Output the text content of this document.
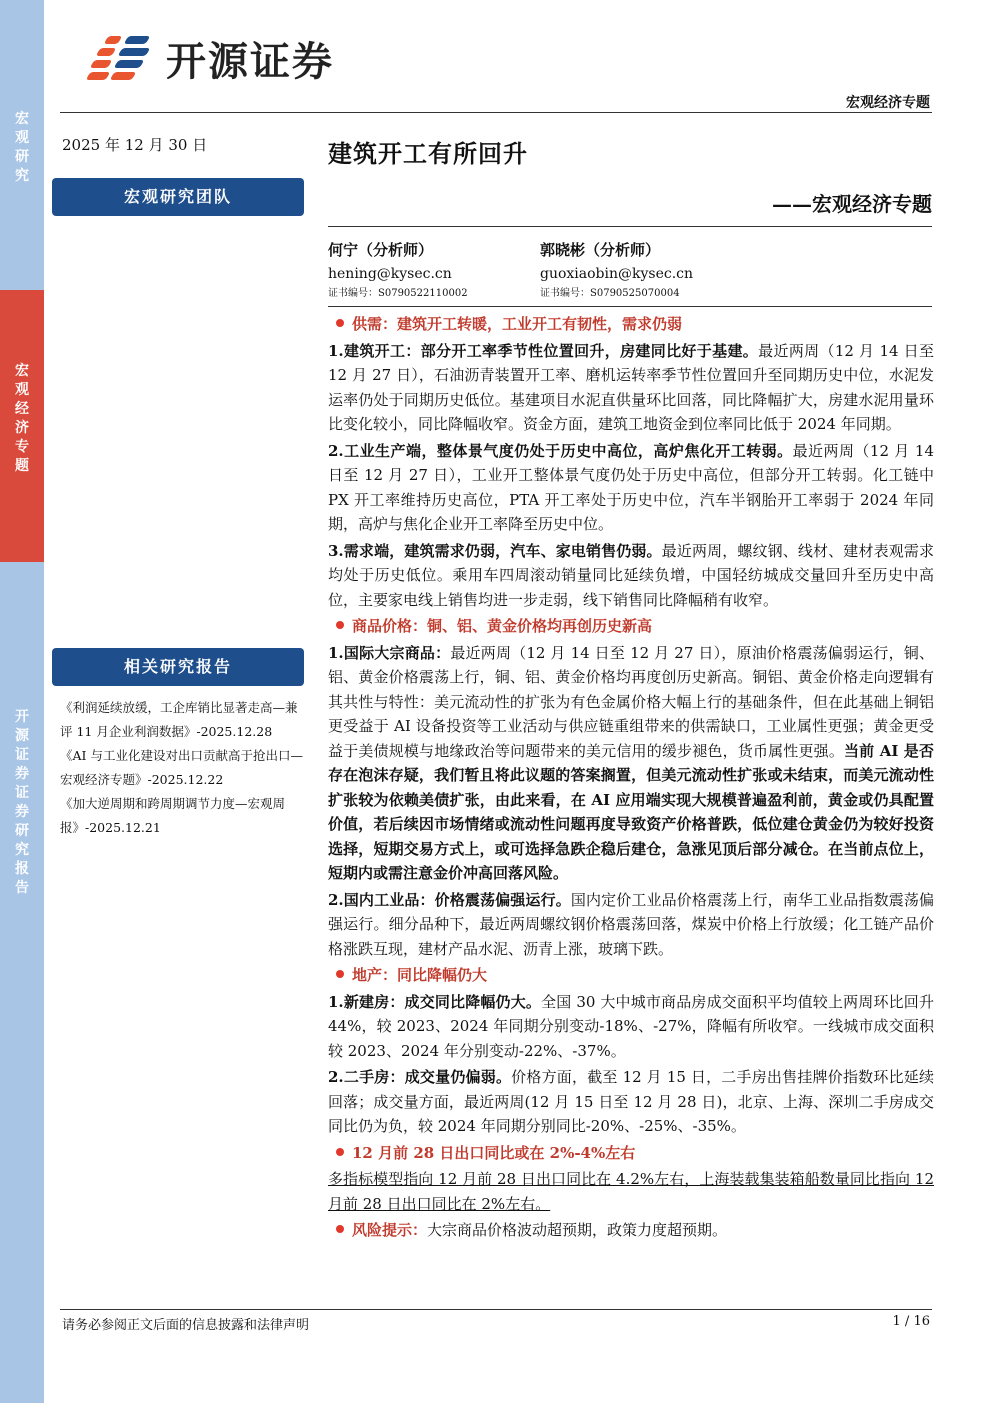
宏观研究
宏观经济专题
开源证券 证券研究报告
开源证券
宏观经济专题
2025 年 12 月 30 日
宏观研究团队
相关研究报告

《利润延续放缓，工企库销比显著走高—兼评 11 月企业利润数据》-2025.12.28

《AI 与工业化建设对出口贡献高于抢出口—宏观经济专题》-2025.12.22

《加大逆周期和跨周期调节力度—宏观周报》-2025.12.21

建筑开工有所回升
——宏观经济专题
何宁（分析师）
hening@kysec.cn
证书编号：S0790522110002
郭晓彬（分析师）
guoxiaobin@kysec.cn
证书编号：S0790525070004

供需：建筑开工转暖，工业开工有韧性，需求仍弱

1.建筑开工：部分开工率季节性位置回升，房建同比好于基建。最近两周（12 月 14 日至 12 月 27 日），石油沥青装置开工率、磨机运转率季节性位置回升至同期历史中位，水泥发运率仍处于同期历史低位。基建项目水泥直供量环比回落，同比降幅扩大，房建水泥用量环比变化较小，同比降幅收窄。资金方面，建筑工地资金到位率同比低于 2024 年同期。

2.工业生产端，整体景气度仍处于历史中高位，高炉焦化开工转弱。最近两周（12 月 14 日至 12 月 27 日），工业开工整体景气度仍处于历史中高位，但部分开工转弱。化工链中 PX 开工率维持历史高位，PTA 开工率处于历史中位，汽车半钢胎开工率弱于 2024 年同期，高炉与焦化企业开工率降至历史中位。

3.需求端，建筑需求仍弱，汽车、家电销售仍弱。最近两周，螺纹钢、线材、建材表观需求均处于历史低位。乘用车四周滚动销量同比延续负增，中国轻纺城成交量回升至历史中高位，主要家电线上销售均进一步走弱，线下销售同比降幅稍有收窄。

商品价格：铜、铝、黄金价格均再创历史新高

1.国际大宗商品：最近两周（12 月 14 日至 12 月 27 日），原油价格震荡偏弱运行，铜、铝、黄金价格震荡上行，铜、铝、黄金价格均再度创历史新高。铜铝、黄金价格走向逻辑有其共性与特性：美元流动性的扩张为有色金属价格大幅上行的基础条件，但在此基础上铜铝更受益于 AI 设备投资等工业活动与供应链重组带来的供需缺口，工业属性更强；黄金更受益于美债规模与地缘政治等问题带来的美元信用的缓步褪色，货币属性更强。当前 AI 是否存在泡沫存疑，我们暂且将此议题的答案搁置，但美元流动性扩张或未结束，而美元流动性扩张较为依赖美债扩张，由此来看，在 AI 应用端实现大规模普遍盈利前，黄金或仍具配置价值，若后续因市场情绪或流动性问题再度导致资产价格普跌，低位建仓黄金仍为较好投资选择，短期交易方式上，或可选择急跌企稳后建仓，急涨见顶后部分减仓。在当前点位上，短期内或需注意金价冲高回落风险。

2.国内工业品：价格震荡偏强运行。国内定价工业品价格震荡上行，南华工业品指数震荡偏强运行。细分品种下，最近两周螺纹钢价格震荡回落，煤炭中价格上行放缓；化工链产品价格涨跌互现，建材产品水泥、沥青上涨，玻璃下跌。

地产：同比降幅仍大

1.新建房：成交同比降幅仍大。全国 30 大中城市商品房成交面积平均值较上两周环比回升 44%，较 2023、2024 年同期分别变动-18%、-27%，降幅有所收窄。一线城市成交面积较 2023、2024 年分别变动-22%、-37%。

2.二手房：成交量仍偏弱。价格方面，截至 12 月 15 日，二手房出售挂牌价指数环比延续回落；成交量方面，最近两周(12 月 15 日至 12 月 28 日)，北京、上海、深圳二手房成交同比仍为负，较 2024 年同期分别同比-20%、-25%、-35%。

12 月前 28 日出口同比或在 2%-4%左右

多指标模型指向 12 月前 28 日出口同比在 4.2%左右，上海装载集装箱船数量同比指向 12 月前 28 日出口同比在 2%左右。

风险提示：大宗商品价格波动超预期，政策力度超预期。

请务必参阅正文后面的信息披露和法律声明	1 / 16
